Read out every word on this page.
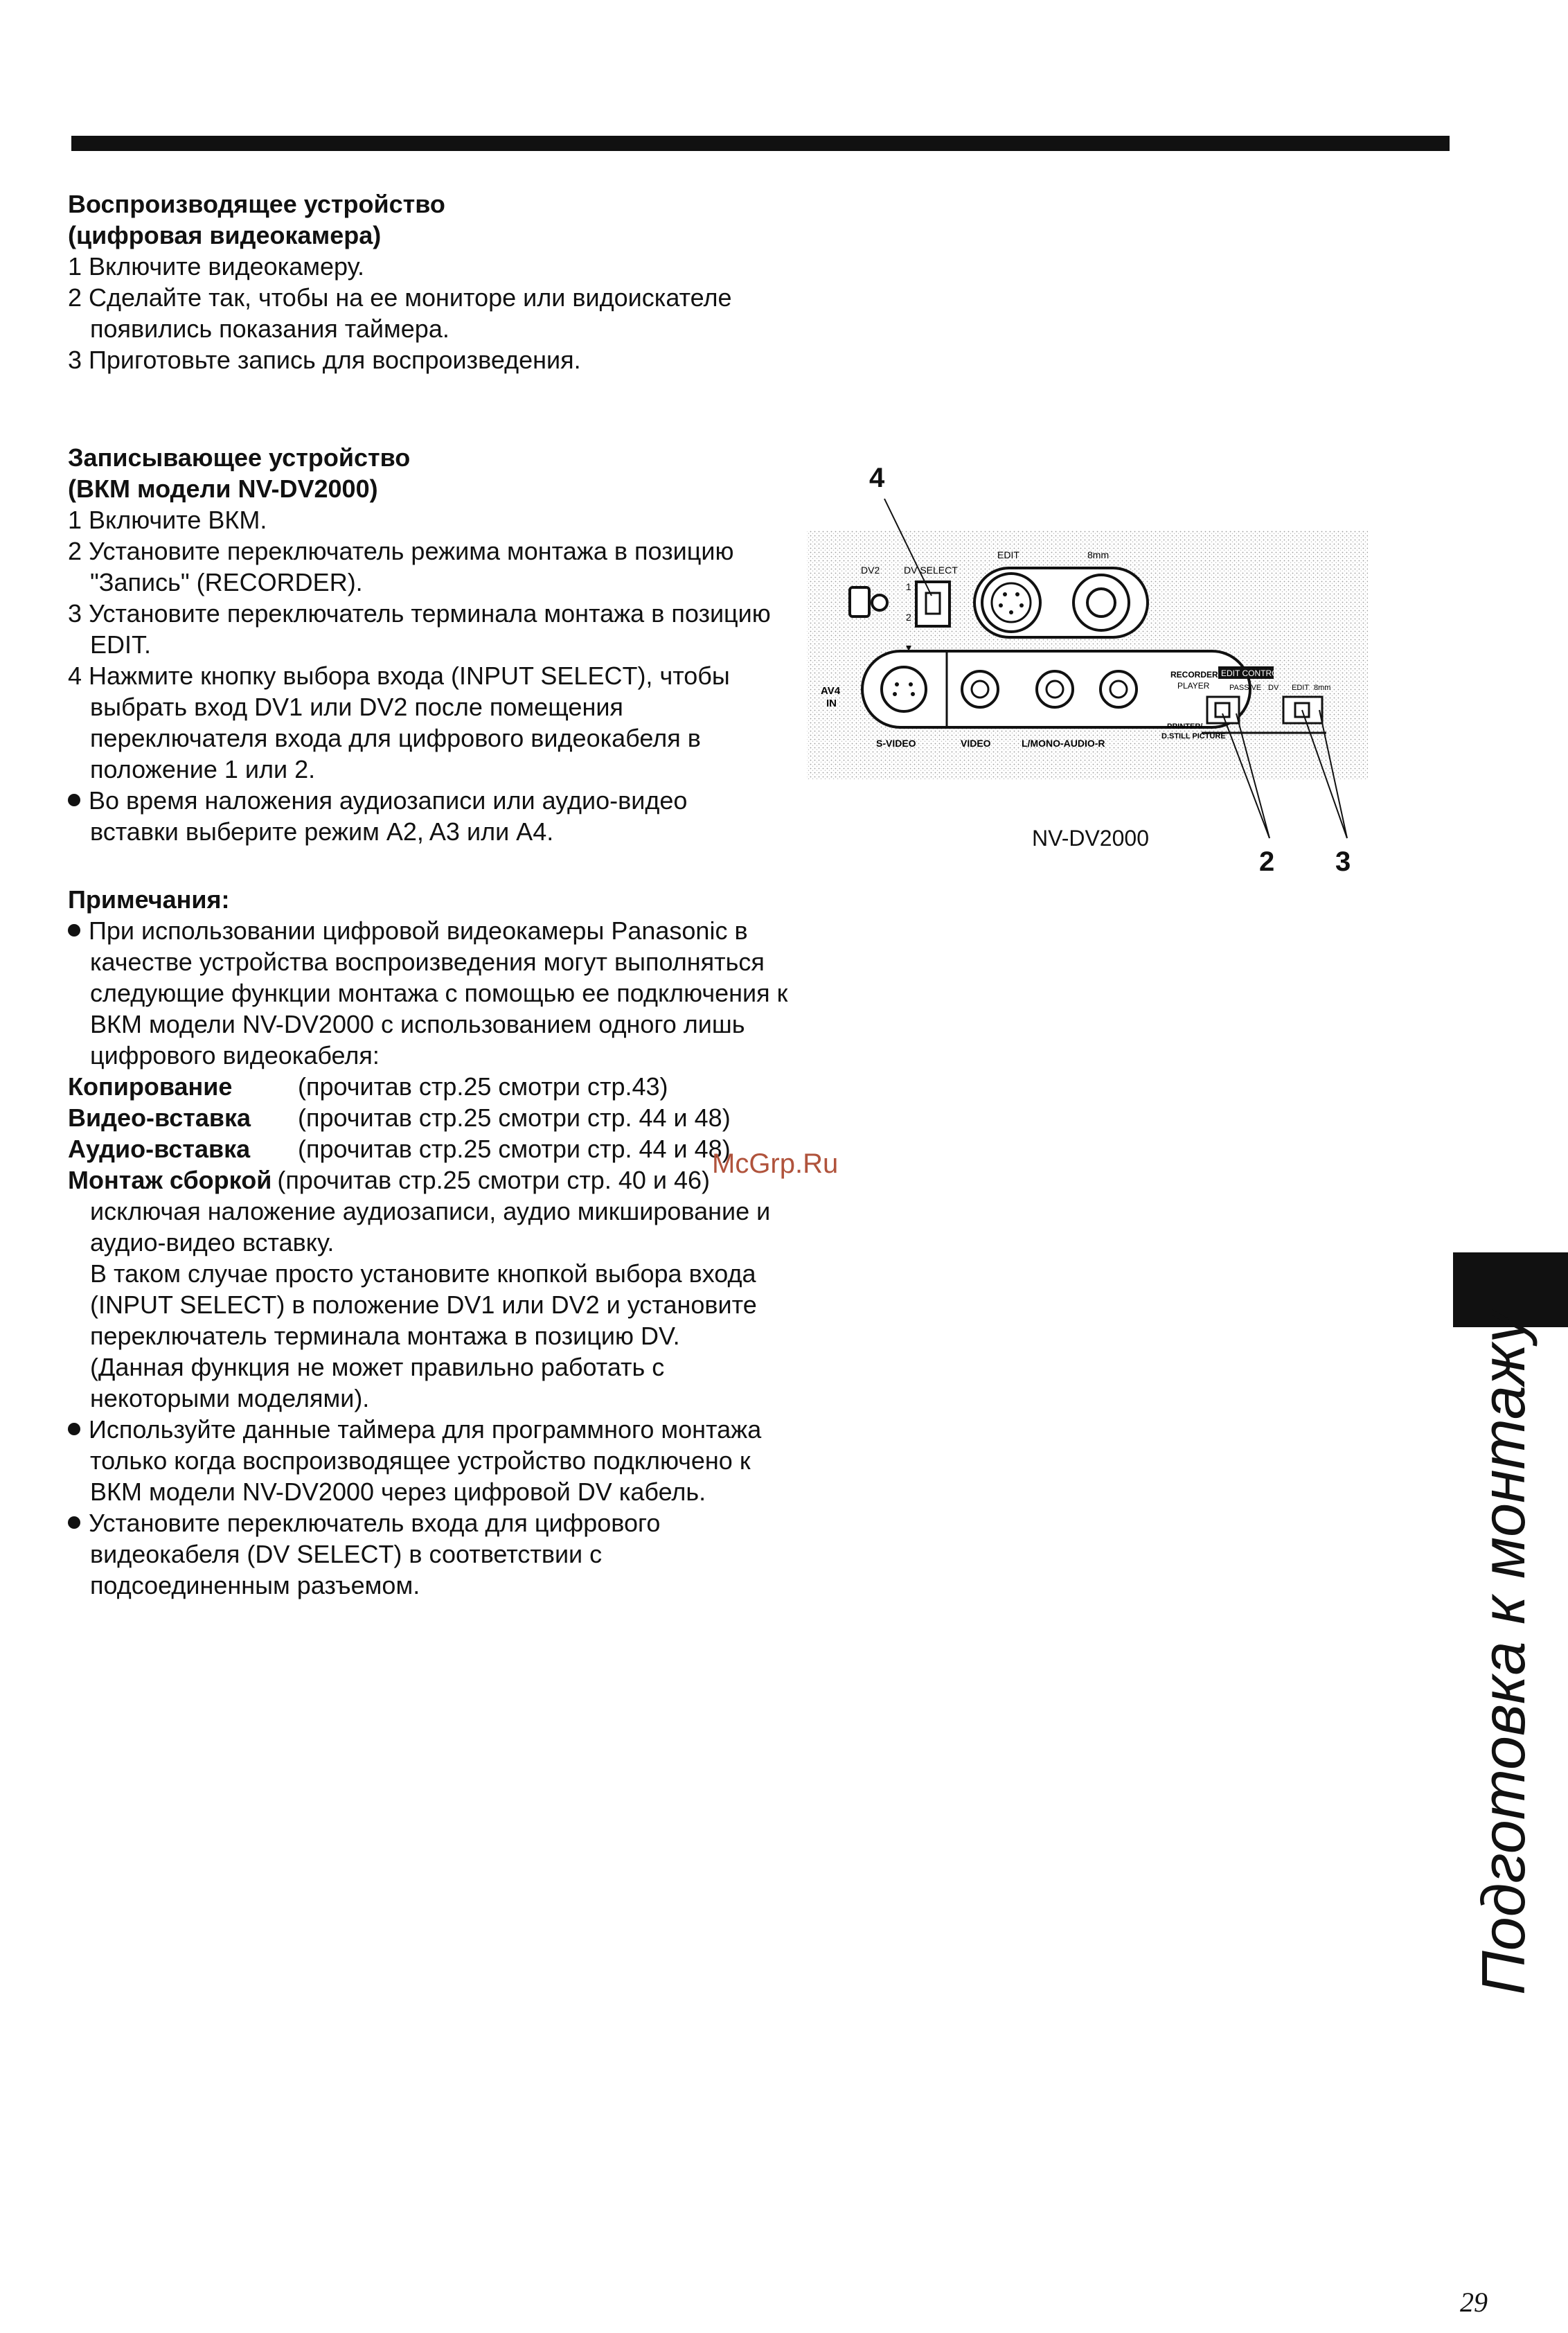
Воспроизводящее устройство
(цифровая видеокамера)
1 Включите видеокамеру.
2 Сделайте так, чтобы на ее мониторе или видоискателе появились показания таймера.
3 Приготовьте запись для воспроизведения.
Записывающее устройство
(ВКМ модели NV-DV2000)
1 Включите ВКМ.
2 Установите переключатель режима монтажа в позицию "Запись" (RECORDER).
3 Установите переключатель терминала монтажа в позицию EDIT.
4 Нажмите кнопку выбора входа (INPUT SELECT), чтобы выбрать вход DV1 или DV2 после помещения переключателя входа для цифрового видеокабеля в положение 1 или 2.
Во время наложения аудиозаписи или аудио-видео вставки выберите режим A2, A3 или A4.
Примечания:
При использовании цифровой видеокамеры Panasonic в качестве устройства воспроизведения могут выполняться следующие функции монтажа с помощью ее подключения к ВКМ модели NV-DV2000 с использованием одного лишь цифрового видеокабеля:
Копирование	(прочитав стр.25 смотри стр.43)
Видео-вставка	(прочитав стр.25 смотри стр. 44 и 48)
Аудио-вставка	(прочитав стр.25 смотри стр. 44 и 48)
Монтаж сборкой (прочитав стр.25 смотри стр. 40 и 46)
исключая наложение аудиозаписи, аудио микширование и аудио-видео вставку.
В таком случае просто установите кнопкой выбора входа (INPUT SELECT) в положение DV1 или DV2 и установите переключатель терминала монтажа в позицию DV.
(Данная функция не может правильно работать с некоторыми моделями).
Используйте данные таймера для программного монтажа только когда воспроизводящее устройство подключено к ВКМ модели NV-DV2000 через цифровой DV кабель.
Установите переключатель входа для цифрового видеокабеля (DV SELECT) в соответствии с подсоединенным разъемом.
DV2 DV SELECT
EDIT	8mm
1
2
AV4
IN
S-VIDEO	VIDEO	L/MONO-AUDIO-R
RECORDER
PLAYER
EDIT CONTROL
PASSIVE DV EDIT 8mm
PRINTER/
D.STILL PICTURE
4
2 3
NV-DV2000
McGrp.Ru
Подготовка к монтажу
29
